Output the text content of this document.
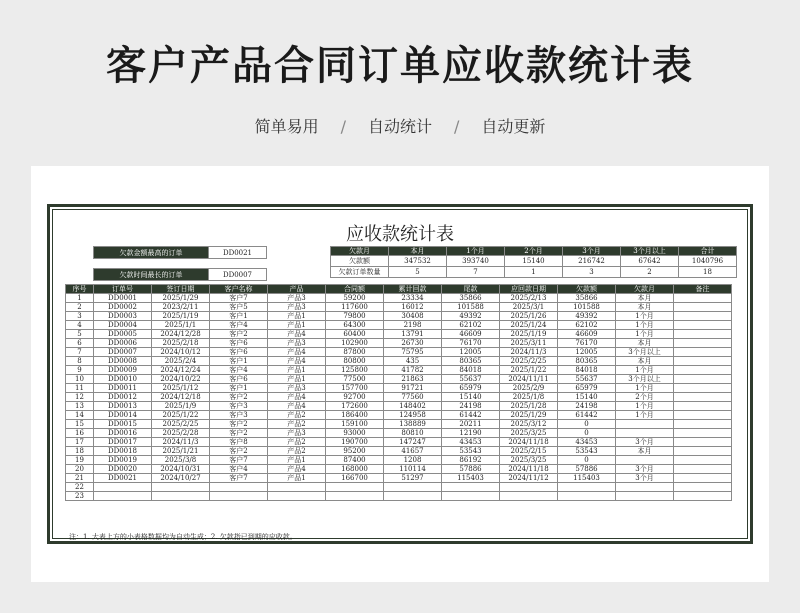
客户产品合同订单应收款统计表
简单易用 / 自动统计 / 自动更新
应收款统计表
欠款金额最高的订单	DD0021

欠款时间最长的订单	DD0007
欠款月	本月	1个月	2个月	3个月	3个月以上	合计
欠款额	347532	393740	15140	216742	67642	1040796
欠款订单数量	5	7	1	3	2	18
序号	订单号	签订日期	客户名称	产品	合同额	累计回款	尾款	应回款日期	欠款额	欠款月	备注
1	DD0001	2025/1/29	客户7	产品3	59200	23334	35866	2025/2/13	35866	本月	
2	DD0002	2023/2/11	客户5	产品3	117600	16012	101588	2025/3/1	101588	本月	
3	DD0003	2025/1/19	客户1	产品1	79800	30408	49392	2025/1/26	49392	1个月	
4	DD0004	2025/1/1	客户4	产品1	64300	2198	62102	2025/1/24	62102	1个月	
5	DD0005	2024/12/28	客户2	产品4	60400	13791	46609	2025/1/19	46609	1个月	
6	DD0006	2025/2/18	客户6	产品3	102900	26730	76170	2025/3/11	76170	本月	
7	DD0007	2024/10/12	客户6	产品4	87800	75795	12005	2024/11/3	12005	3个月以上	
8	DD0008	2025/2/4	客户1	产品4	80800	435	80365	2025/2/25	80365	本月	
9	DD0009	2024/12/24	客户4	产品1	125800	41782	84018	2025/1/22	84018	1个月	
10	DD0010	2024/10/22	客户6	产品1	77500	21863	55637	2024/11/11	55637	3个月以上	
11	DD0011	2025/1/12	客户1	产品3	157700	91721	65979	2025/2/9	65979	1个月	
12	DD0012	2024/12/18	客户2	产品4	92700	77560	15140	2025/1/8	15140	2个月	
13	DD0013	2025/1/9	客户3	产品4	172600	148402	24198	2025/1/28	24198	1个月	
14	DD0014	2025/1/22	客户3	产品2	186400	124958	61442	2025/1/29	61442	1个月	
15	DD0015	2025/2/25	客户2	产品2	159100	138889	20211	2025/3/12	0		
16	DD0016	2025/2/28	客户2	产品3	93000	80810	12190	2025/3/25	0		
17	DD0017	2024/11/3	客户8	产品2	190700	147247	43453	2024/11/18	43453	3个月	
18	DD0018	2025/1/21	客户2	产品2	95200	41657	53543	2025/2/15	53543	本月	
19	DD0019	2025/3/8	客户7	产品1	87400	1208	86192	2025/3/25	0		
20	DD0020	2024/10/31	客户4	产品4	168000	110114	57886	2024/11/18	57886	3个月	
21	DD0021	2024/10/27	客户7	产品1	166700	51297	115403	2024/11/12	115403	3个月	
22											
23											
注：1. 大表上方的小表格数据均为自动生成；2. 欠款指已到期的应收款。
